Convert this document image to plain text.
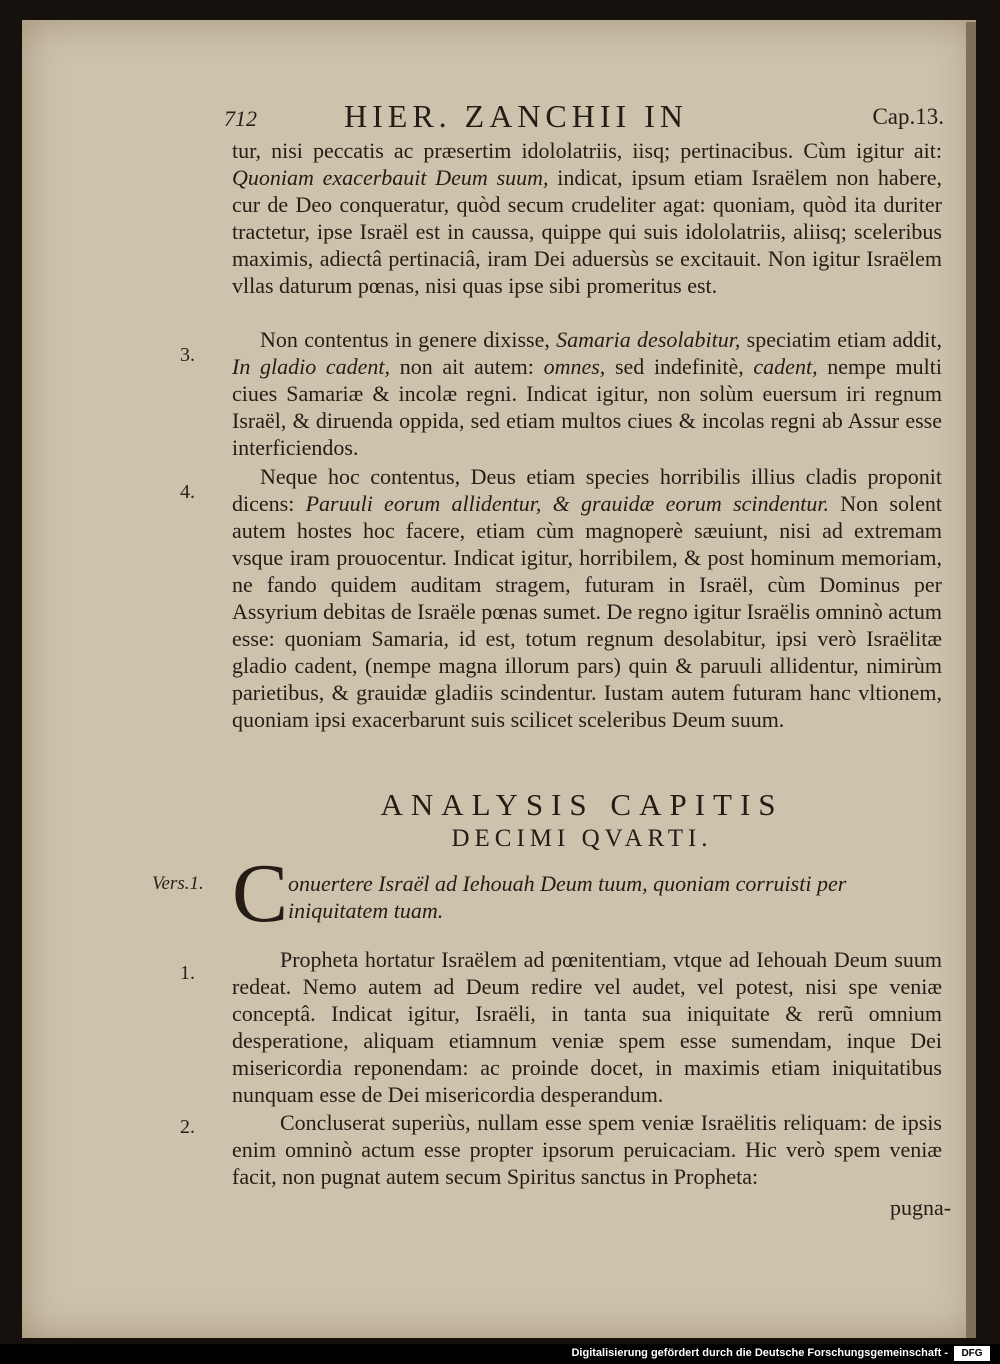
712	HIER. ZANCHII IN	Cap.13.
tur, nisi peccatis ac præsertim idololatriis, iisq; pertinacibus. Cùm igitur ait: Quoniam exacerbauit Deum suum, indicat, ipsum etiam Israëlem non habere, cur de Deo conqueratur, quòd secum crudeliter agat: quoniam, quòd ita duriter tractetur, ipse Israël est in caussa, quippe qui suis idololatriis, aliisq; sceleribus maximis, adiectâ pertinaciâ, iram Dei aduersùs se excitauit. Non igitur Israëlem vllas daturum pœnas, nisi quas ipse sibi promeritus est.
3.
Non contentus in genere dixisse, Samaria desolabitur, speciatim etiam addit, In gladio cadent, non ait autem: omnes, sed indefinitè, cadent, nempe multi ciues Samariæ & incolæ regni. Indicat igitur, non solùm euersum iri regnum Israël, & diruenda oppida, sed etiam multos ciues & incolas regni ab Assur esse interficiendos.
4.
Neque hoc contentus, Deus etiam species horribilis illius cladis proponit dicens: Paruuli eorum allidentur, & grauidæ eorum scindentur. Non solent autem hostes hoc facere, etiam cùm magnoperè sæuiunt, nisi ad extremam vsque iram prouocentur. Indicat igitur, horribilem, & post hominum memoriam, ne fando quidem auditam stragem, futuram in Israël, cùm Dominus per Assyrium debitas de Israële pœnas sumet. De regno igitur Israëlis omninò actum esse: quoniam Samaria, id est, totum regnum desolabitur, ipsi verò Israëlitæ gladio cadent, (nempe magna illorum pars) quin & paruuli allidentur, nimirùm parietibus, & grauidæ gladiis scindentur. Iustam autem futuram hanc vltionem, quoniam ipsi exacerbarunt suis scilicet sceleribus Deum suum.
ANALYSIS CAPITIS
DECIMI QVARTI.
Vers.1. C onuertere Israël ad Iehouah Deum tuum, quoniam corruisti per iniquitatem tuam.
1.
Propheta hortatur Israëlem ad pœnitentiam, vtque ad Iehouah Deum suum redeat. Nemo autem ad Deum redire vel audet, vel potest, nisi spe veniæ conceptâ. Indicat igitur, Israëli, in tanta sua iniquitate & rerũ omnium desperatione, aliquam etiamnum veniæ spem esse sumendam, inque Dei misericordia reponendam: ac proinde docet, in maximis etiam iniquitatibus nunquam esse de Dei misericordia desperandum.
2.	Concluserat superiùs, nullam esse spem veniæ Israëlitis reliquam: de ipsis enim omninò actum esse propter ipsorum peruicaciam. Hic verò spem veniæ facit, non pugnat autem secum Spiritus sanctus in Propheta:
pugna-
Digitalisierung gefördert durch die Deutsche Forschungsgemeinschaft -	DFG
